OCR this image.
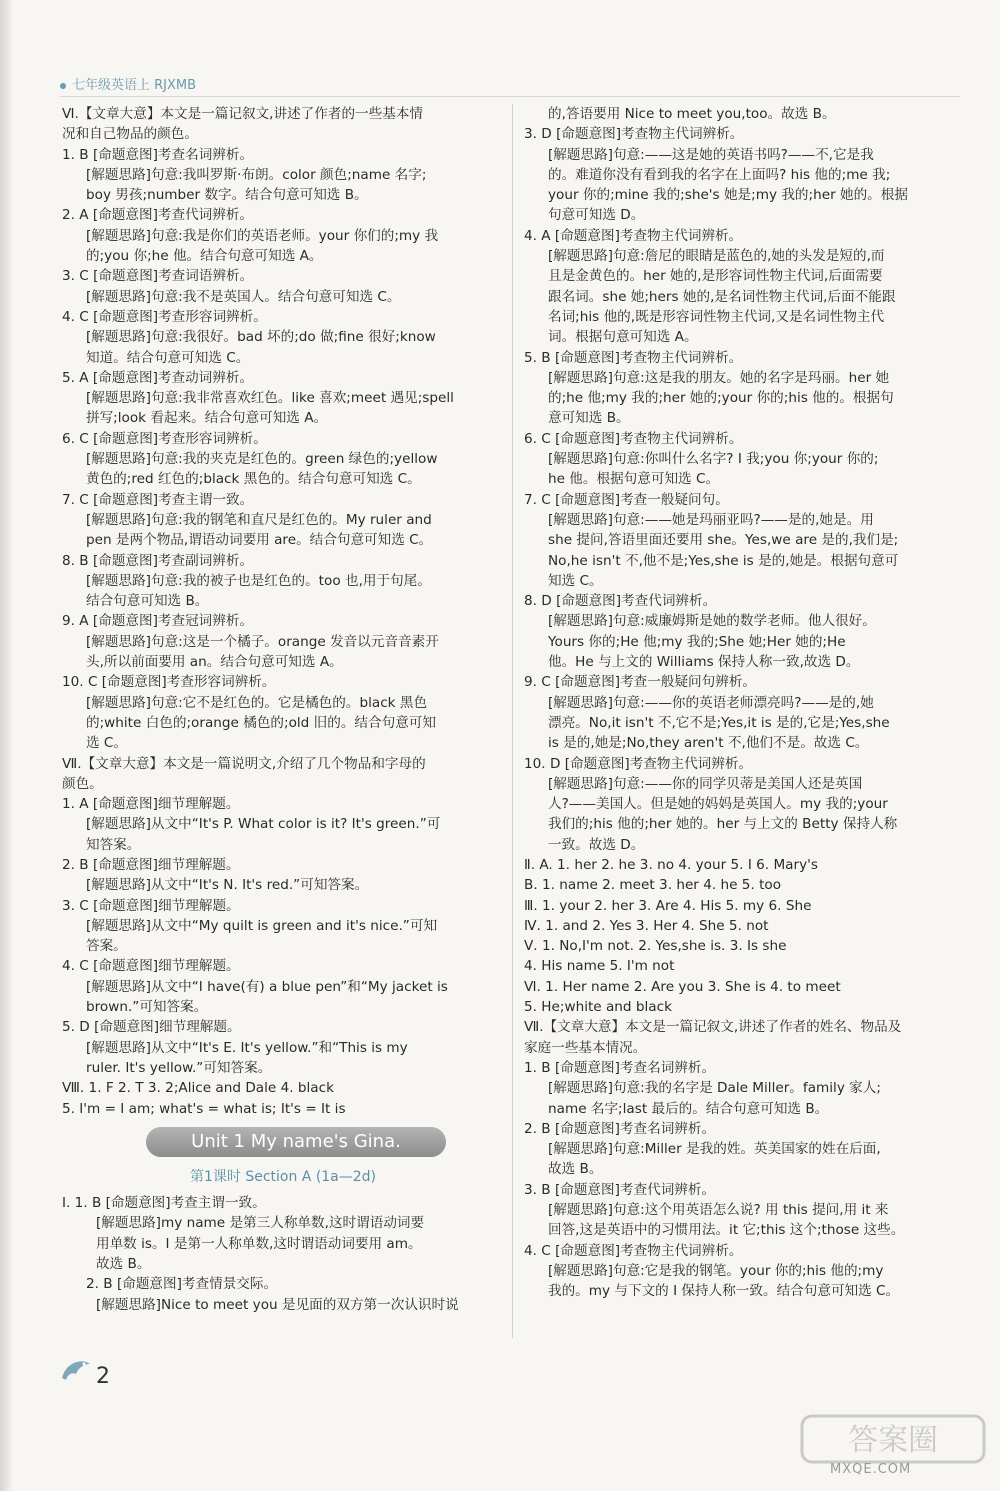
七年级英语上 RJXMB
Ⅵ.【文章大意】本文是一篇记叙文,讲述了作者的一些基本情
况和自己物品的颜色。
1. B [命题意图]考查名词辨析。
[解题思路]句意:我叫罗斯·布朗。color 颜色;name 名字;
boy 男孩;number 数字。结合句意可知选 B。
2. A [命题意图]考查代词辨析。
[解题思路]句意:我是你们的英语老师。your 你们的;my 我
的;you 你;he 他。结合句意可知选 A。
3. C [命题意图]考查词语辨析。
[解题思路]句意:我不是英国人。结合句意可知选 C。
4. C [命题意图]考查形容词辨析。
[解题思路]句意:我很好。bad 坏的;do 做;fine 很好;know
知道。结合句意可知选 C。
5. A [命题意图]考查动词辨析。
[解题思路]句意:我非常喜欢红色。like 喜欢;meet 遇见;spell
拼写;look 看起来。结合句意可知选 A。
6. C [命题意图]考查形容词辨析。
[解题思路]句意:我的夹克是红色的。green 绿色的;yellow
黄色的;red 红色的;black 黑色的。结合句意可知选 C。
7. C [命题意图]考查主谓一致。
[解题思路]句意:我的钢笔和直尺是红色的。My ruler and
pen 是两个物品,谓语动词要用 are。结合句意可知选 C。
8. B [命题意图]考查副词辨析。
[解题思路]句意:我的被子也是红色的。too 也,用于句尾。
结合句意可知选 B。
9. A [命题意图]考查冠词辨析。
[解题思路]句意:这是一个橘子。orange 发音以元音音素开
头,所以前面要用 an。结合句意可知选 A。
10. C [命题意图]考查形容词辨析。
[解题思路]句意:它不是红色的。它是橘色的。black 黑色
的;white 白色的;orange 橘色的;old 旧的。结合句意可知
选 C。
Ⅶ.【文章大意】本文是一篇说明文,介绍了几个物品和字母的
颜色。
1. A [命题意图]细节理解题。
[解题思路]从文中“It's P. What color is it? It's green.”可
知答案。
2. B [命题意图]细节理解题。
[解题思路]从文中“It's N. It's red.”可知答案。
3. C [命题意图]细节理解题。
[解题思路]从文中“My quilt is green and it's nice.”可知
答案。
4. C [命题意图]细节理解题。
[解题思路]从文中“I have(有) a blue pen”和“My jacket is
brown.”可知答案。
5. D [命题意图]细节理解题。
[解题思路]从文中“It's E. It's yellow.”和“This is my
ruler. It's yellow.”可知答案。
Ⅷ. 1. F 2. T 3. 2;Alice and Dale 4. black
5. I'm = I am; what's = what is; It's = It is
Unit 1 My name's Gina.
第1课时 Section A (1a—2d)
Ⅰ. 1. B [命题意图]考查主谓一致。
[解题思路]my name 是第三人称单数,这时谓语动词要
用单数 is。I 是第一人称单数,这时谓语动词要用 am。
故选 B。
2. B [命题意图]考查情景交际。
[解题思路]Nice to meet you 是见面的双方第一次认识时说
的,答语要用 Nice to meet you,too。故选 B。
3. D [命题意图]考查物主代词辨析。
[解题思路]句意:——这是她的英语书吗?——不,它是我
的。难道你没有看到我的名字在上面吗? his 他的;me 我;
your 你的;mine 我的;she's 她是;my 我的;her 她的。根据
句意可知选 D。
4. A [命题意图]考查物主代词辨析。
[解题思路]句意:詹尼的眼睛是蓝色的,她的头发是短的,而
且是金黄色的。her 她的,是形容词性物主代词,后面需要
跟名词。she 她;hers 她的,是名词性物主代词,后面不能跟
名词;his 他的,既是形容词性物主代词,又是名词性物主代
词。根据句意可知选 A。
5. B [命题意图]考查物主代词辨析。
[解题思路]句意:这是我的朋友。她的名字是玛丽。her 她
的;he 他;my 我的;her 她的;your 你的;his 他的。根据句
意可知选 B。
6. C [命题意图]考查物主代词辨析。
[解题思路]句意:你叫什么名字? I 我;you 你;your 你的;
he 他。根据句意可知选 C。
7. C [命题意图]考查一般疑问句。
[解题思路]句意:——她是玛丽亚吗?——是的,她是。用
she 提问,答语里面还要用 she。Yes,we are 是的,我们是;
No,he isn't 不,他不是;Yes,she is 是的,她是。根据句意可
知选 C。
8. D [命题意图]考查代词辨析。
[解题思路]句意:威廉姆斯是她的数学老师。他人很好。
Yours 你的;He 他;my 我的;She 她;Her 她的;He
他。He 与上文的 Williams 保持人称一致,故选 D。
9. C [命题意图]考查一般疑问句辨析。
[解题思路]句意:——你的英语老师漂亮吗?——是的,她
漂亮。No,it isn't 不,它不是;Yes,it is 是的,它是;Yes,she
is 是的,她是;No,they aren't 不,他们不是。故选 C。
10. D [命题意图]考查物主代词辨析。
[解题思路]句意:——你的同学贝蒂是美国人还是英国
人?——美国人。但是她的妈妈是英国人。my 我的;your
我们的;his 他的;her 她的。her 与上文的 Betty 保持人称
一致。故选 D。
Ⅱ. A. 1. her 2. he 3. no 4. your 5. I 6. Mary's
B. 1. name 2. meet 3. her 4. he 5. too
Ⅲ. 1. your 2. her 3. Are 4. His 5. my 6. She
Ⅳ. 1. and 2. Yes 3. Her 4. She 5. not
Ⅴ. 1. No,I'm not. 2. Yes,she is. 3. Is she
4. His name 5. I'm not
Ⅵ. 1. Her name 2. Are you 3. She is 4. to meet
5. He;white and black
Ⅶ.【文章大意】本文是一篇记叙文,讲述了作者的姓名、物品及
家庭一些基本情况。
1. B [命题意图]考查名词辨析。
[解题思路]句意:我的名字是 Dale Miller。family 家人;
name 名字;last 最后的。结合句意可知选 B。
2. B [命题意图]考查名词辨析。
[解题思路]句意:Miller 是我的姓。英美国家的姓在后面,
故选 B。
3. B [命题意图]考查代词辨析。
[解题思路]句意:这个用英语怎么说? 用 this 提问,用 it 来
回答,这是英语中的习惯用法。it 它;this 这个;those 这些。
4. C [命题意图]考查物主代词辨析。
[解题思路]句意:它是我的钢笔。your 你的;his 他的;my
我的。my 与下文的 I 保持人称一致。结合句意可知选 C。
2
答案圈
MXQE.COM
